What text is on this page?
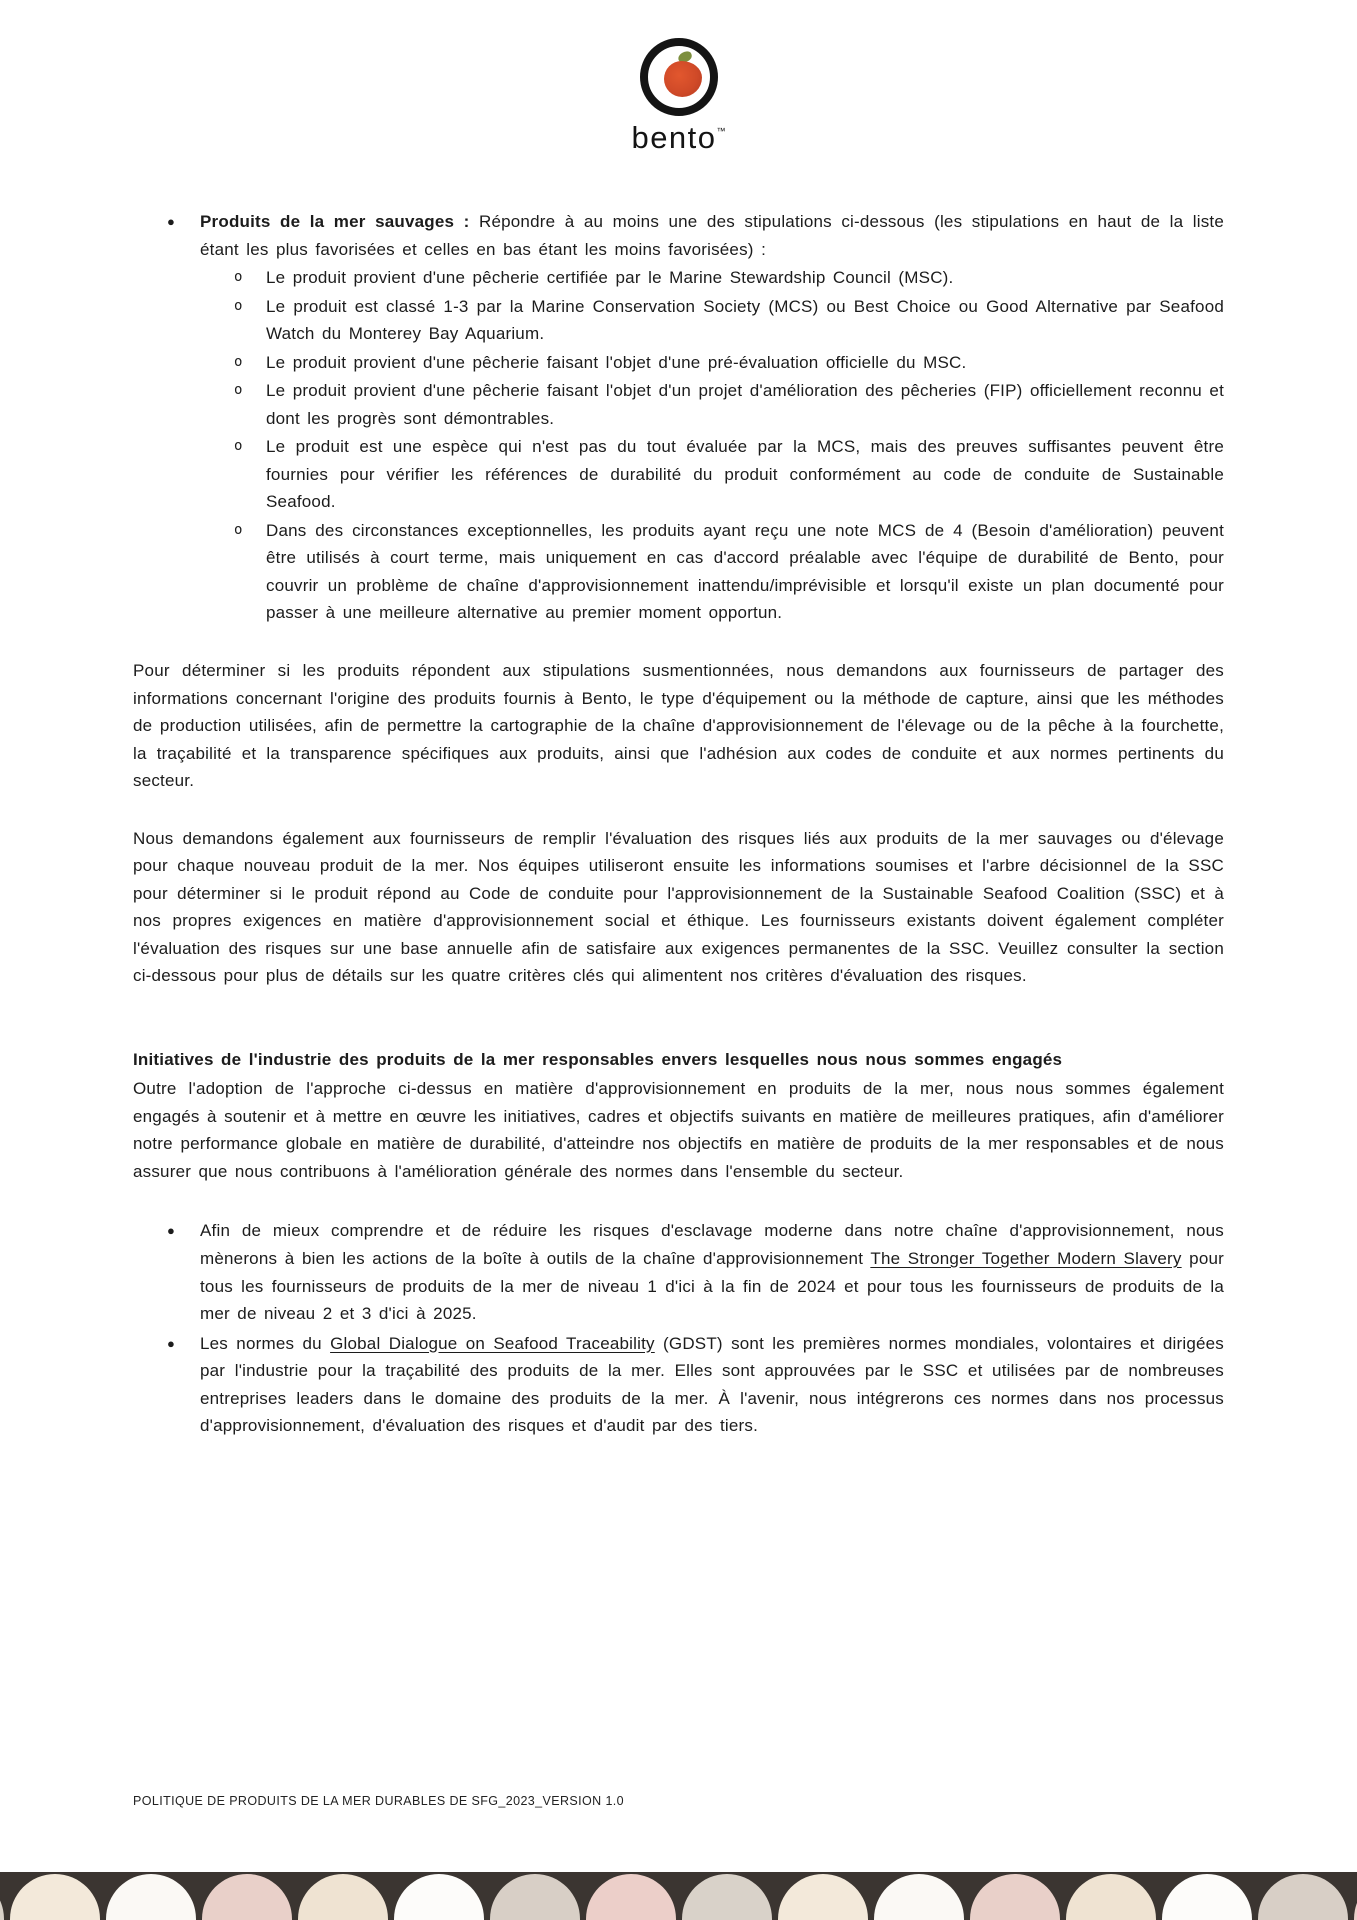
bento™
●	Produits de la mer sauvages : Répondre à au moins une des stipulations ci-dessous (les stipulations en haut de la liste étant les plus favorisées et celles en bas étant les moins favorisées) :
o	Le produit provient d'une pêcherie certifiée par le Marine Stewardship Council (MSC).
o	Le produit est classé 1-3 par la Marine Conservation Society (MCS) ou Best Choice ou Good Alternative par Seafood Watch du Monterey Bay Aquarium.
o	Le produit provient d'une pêcherie faisant l'objet d'une pré-évaluation officielle du MSC.
o	Le produit provient d'une pêcherie faisant l'objet d'un projet d'amélioration des pêcheries (FIP) officiellement reconnu et dont les progrès sont démontrables.
o	Le produit est une espèce qui n'est pas du tout évaluée par la MCS, mais des preuves suffisantes peuvent être fournies pour vérifier les références de durabilité du produit conformément au code de conduite de Sustainable Seafood.
o	Dans des circonstances exceptionnelles, les produits ayant reçu une note MCS de 4 (Besoin d'amélioration) peuvent être utilisés à court terme, mais uniquement en cas d'accord préalable avec l'équipe de durabilité de Bento, pour couvrir un problème de chaîne d'approvisionnement inattendu/imprévisible et lorsqu'il existe un plan documenté pour passer à une meilleure alternative au premier moment opportun.

Pour déterminer si les produits répondent aux stipulations susmentionnées, nous demandons aux fournisseurs de partager des informations concernant l'origine des produits fournis à Bento, le type d'équipement ou la méthode de capture, ainsi que les méthodes de production utilisées, afin de permettre la cartographie de la chaîne d'approvisionnement de l'élevage ou de la pêche à la fourchette, la traçabilité et la transparence spécifiques aux produits, ainsi que l'adhésion aux codes de conduite et aux normes pertinents du secteur.

Nous demandons également aux fournisseurs de remplir l'évaluation des risques liés aux produits de la mer sauvages ou d'élevage pour chaque nouveau produit de la mer. Nos équipes utiliseront ensuite les informations soumises et l'arbre décisionnel de la SSC pour déterminer si le produit répond au Code de conduite pour l'approvisionnement de la Sustainable Seafood Coalition (SSC) et à nos propres exigences en matière d'approvisionnement social et éthique. Les fournisseurs existants doivent également compléter l'évaluation des risques sur une base annuelle afin de satisfaire aux exigences permanentes de la SSC. Veuillez consulter la section ci-dessous pour plus de détails sur les quatre critères clés qui alimentent nos critères d'évaluation des risques.

Initiatives de l'industrie des produits de la mer responsables envers lesquelles nous nous sommes engagés

Outre l'adoption de l'approche ci-dessus en matière d'approvisionnement en produits de la mer, nous nous sommes également engagés à soutenir et à mettre en œuvre les initiatives, cadres et objectifs suivants en matière de meilleures pratiques, afin d'améliorer notre performance globale en matière de durabilité, d'atteindre nos objectifs en matière de produits de la mer responsables et de nous assurer que nous contribuons à l'amélioration générale des normes dans l'ensemble du secteur.

●	Afin de mieux comprendre et de réduire les risques d'esclavage moderne dans notre chaîne d'approvisionnement, nous mènerons à bien les actions de la boîte à outils de la chaîne d'approvisionnement The Stronger Together Modern Slavery pour tous les fournisseurs de produits de la mer de niveau 1 d'ici à la fin de 2024 et pour tous les fournisseurs de produits de la mer de niveau 2 et 3 d'ici à 2025.
●	Les normes du Global Dialogue on Seafood Traceability (GDST) sont les premières normes mondiales, volontaires et dirigées par l'industrie pour la traçabilité des produits de la mer. Elles sont approuvées par le SSC et utilisées par de nombreuses entreprises leaders dans le domaine des produits de la mer. À l'avenir, nous intégrerons ces normes dans nos processus d'approvisionnement, d'évaluation des risques et d'audit par des tiers.
POLITIQUE DE PRODUITS DE LA MER DURABLES DE SFG_2023_VERSION 1.0
